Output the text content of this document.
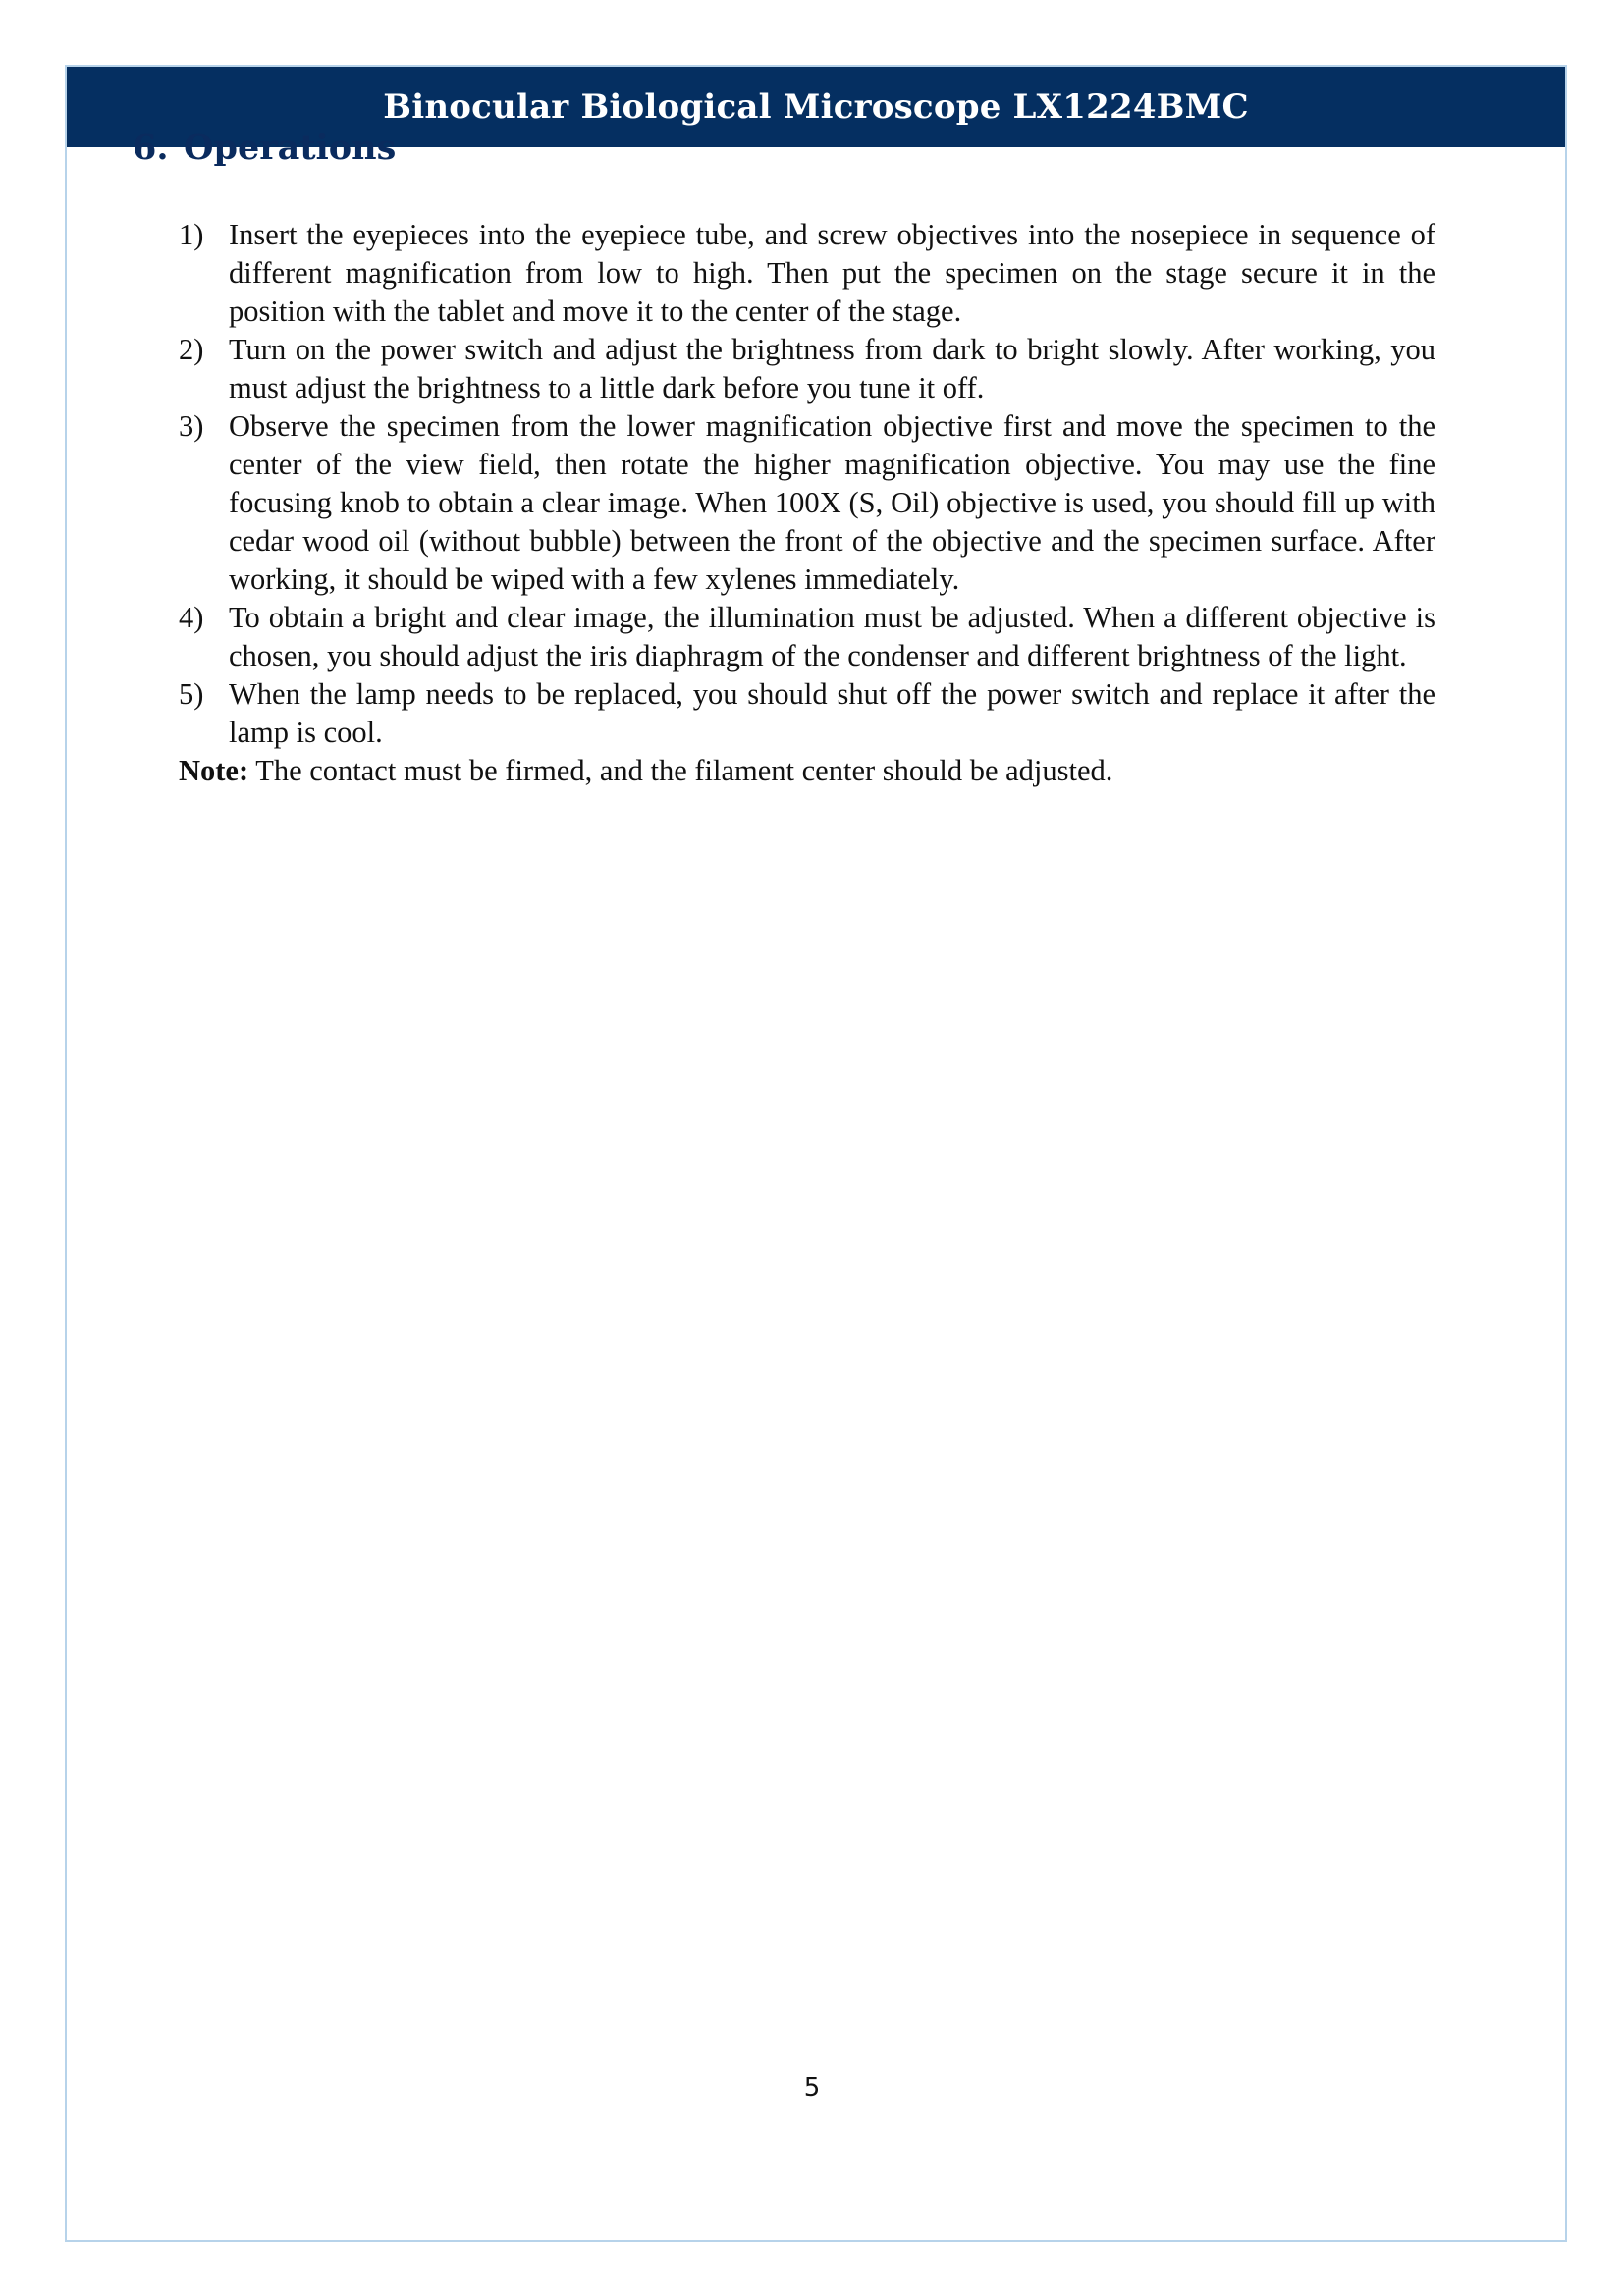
Binocular Biological Microscope LX1224BMC
6. Operations
1) Insert the eyepieces into the eyepiece tube, and screw objectives into the nosepiece in sequence of different magnification from low to high. Then put the specimen on the stage secure it in the position with the tablet and move it to the center of the stage.
2) Turn on the power switch and adjust the brightness from dark to bright slowly. After working, you must adjust the brightness to a little dark before you tune it off.
3) Observe the specimen from the lower magnification objective first and move the specimen to the center of the view field, then rotate the higher magnification objective. You may use the fine focusing knob to obtain a clear image. When 100X (S, Oil) objective is used, you should fill up with cedar wood oil (without bubble) between the front of the objective and the specimen surface. After working, it should be wiped with a few xylenes immediately.
4) To obtain a bright and clear image, the illumination must be adjusted. When a different objective is chosen, you should adjust the iris diaphragm of the condenser and different brightness of the light.
5) When the lamp needs to be replaced, you should shut off the power switch and replace it after the lamp is cool.
Note: The contact must be firmed, and the filament center should be adjusted.
5
